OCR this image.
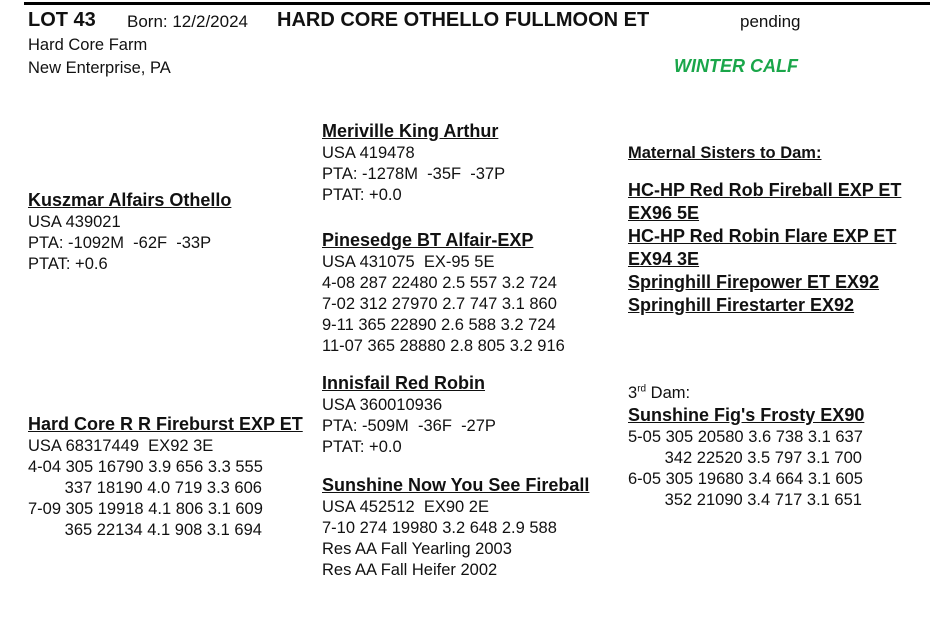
LOT 43 Born: 12/2/2024 HARD CORE OTHELLO FULLMOON ET	pending
Hard Core Farm
New Enterprise, PA	WINTER CALF
Kuszmar Alfairs Othello
USA 439021
PTA: -1092M  -62F  -33P
PTAT: +0.6
Meriville King Arthur
USA 419478
PTA: -1278M  -35F  -37P
PTAT: +0.0
Pinesedge BT Alfair-EXP
USA 431075  EX-95 5E
4-08 287 22480 2.5 557 3.2 724
7-02 312 27970 2.7 747 3.1 860
9-11 365 22890 2.6 588 3.2 724
11-07 365 28880 2.8 805 3.2 916
Hard Core R R Fireburst EXP ET
USA 68317449  EX92 3E
4-04 305 16790 3.9 656 3.3 555
337 18190 4.0 719 3.3 606
7-09 305 19918 4.1 806 3.1 609
365 22134 4.1 908 3.1 694
Innisfail Red Robin
USA 360010936
PTA: -509M  -36F  -27P
PTAT: +0.0
Sunshine Now You See Fireball
USA 452512  EX90 2E
7-10 274 19980 3.2 648 2.9 588
Res AA Fall Yearling 2003
Res AA Fall Heifer 2002
Maternal Sisters to Dam:
HC-HP Red Rob Fireball EXP ET EX96 5E
HC-HP Red Robin Flare EXP ET EX94 3E
Springhill Firepower ET EX92
Springhill Firestarter EX92
3rd Dam:
Sunshine Fig's Frosty EX90
5-05 305 20580 3.6 738 3.1 637
342 22520 3.5 797 3.1 700
6-05 305 19680 3.4 664 3.1 605
352 21090 3.4 717 3.1 651
